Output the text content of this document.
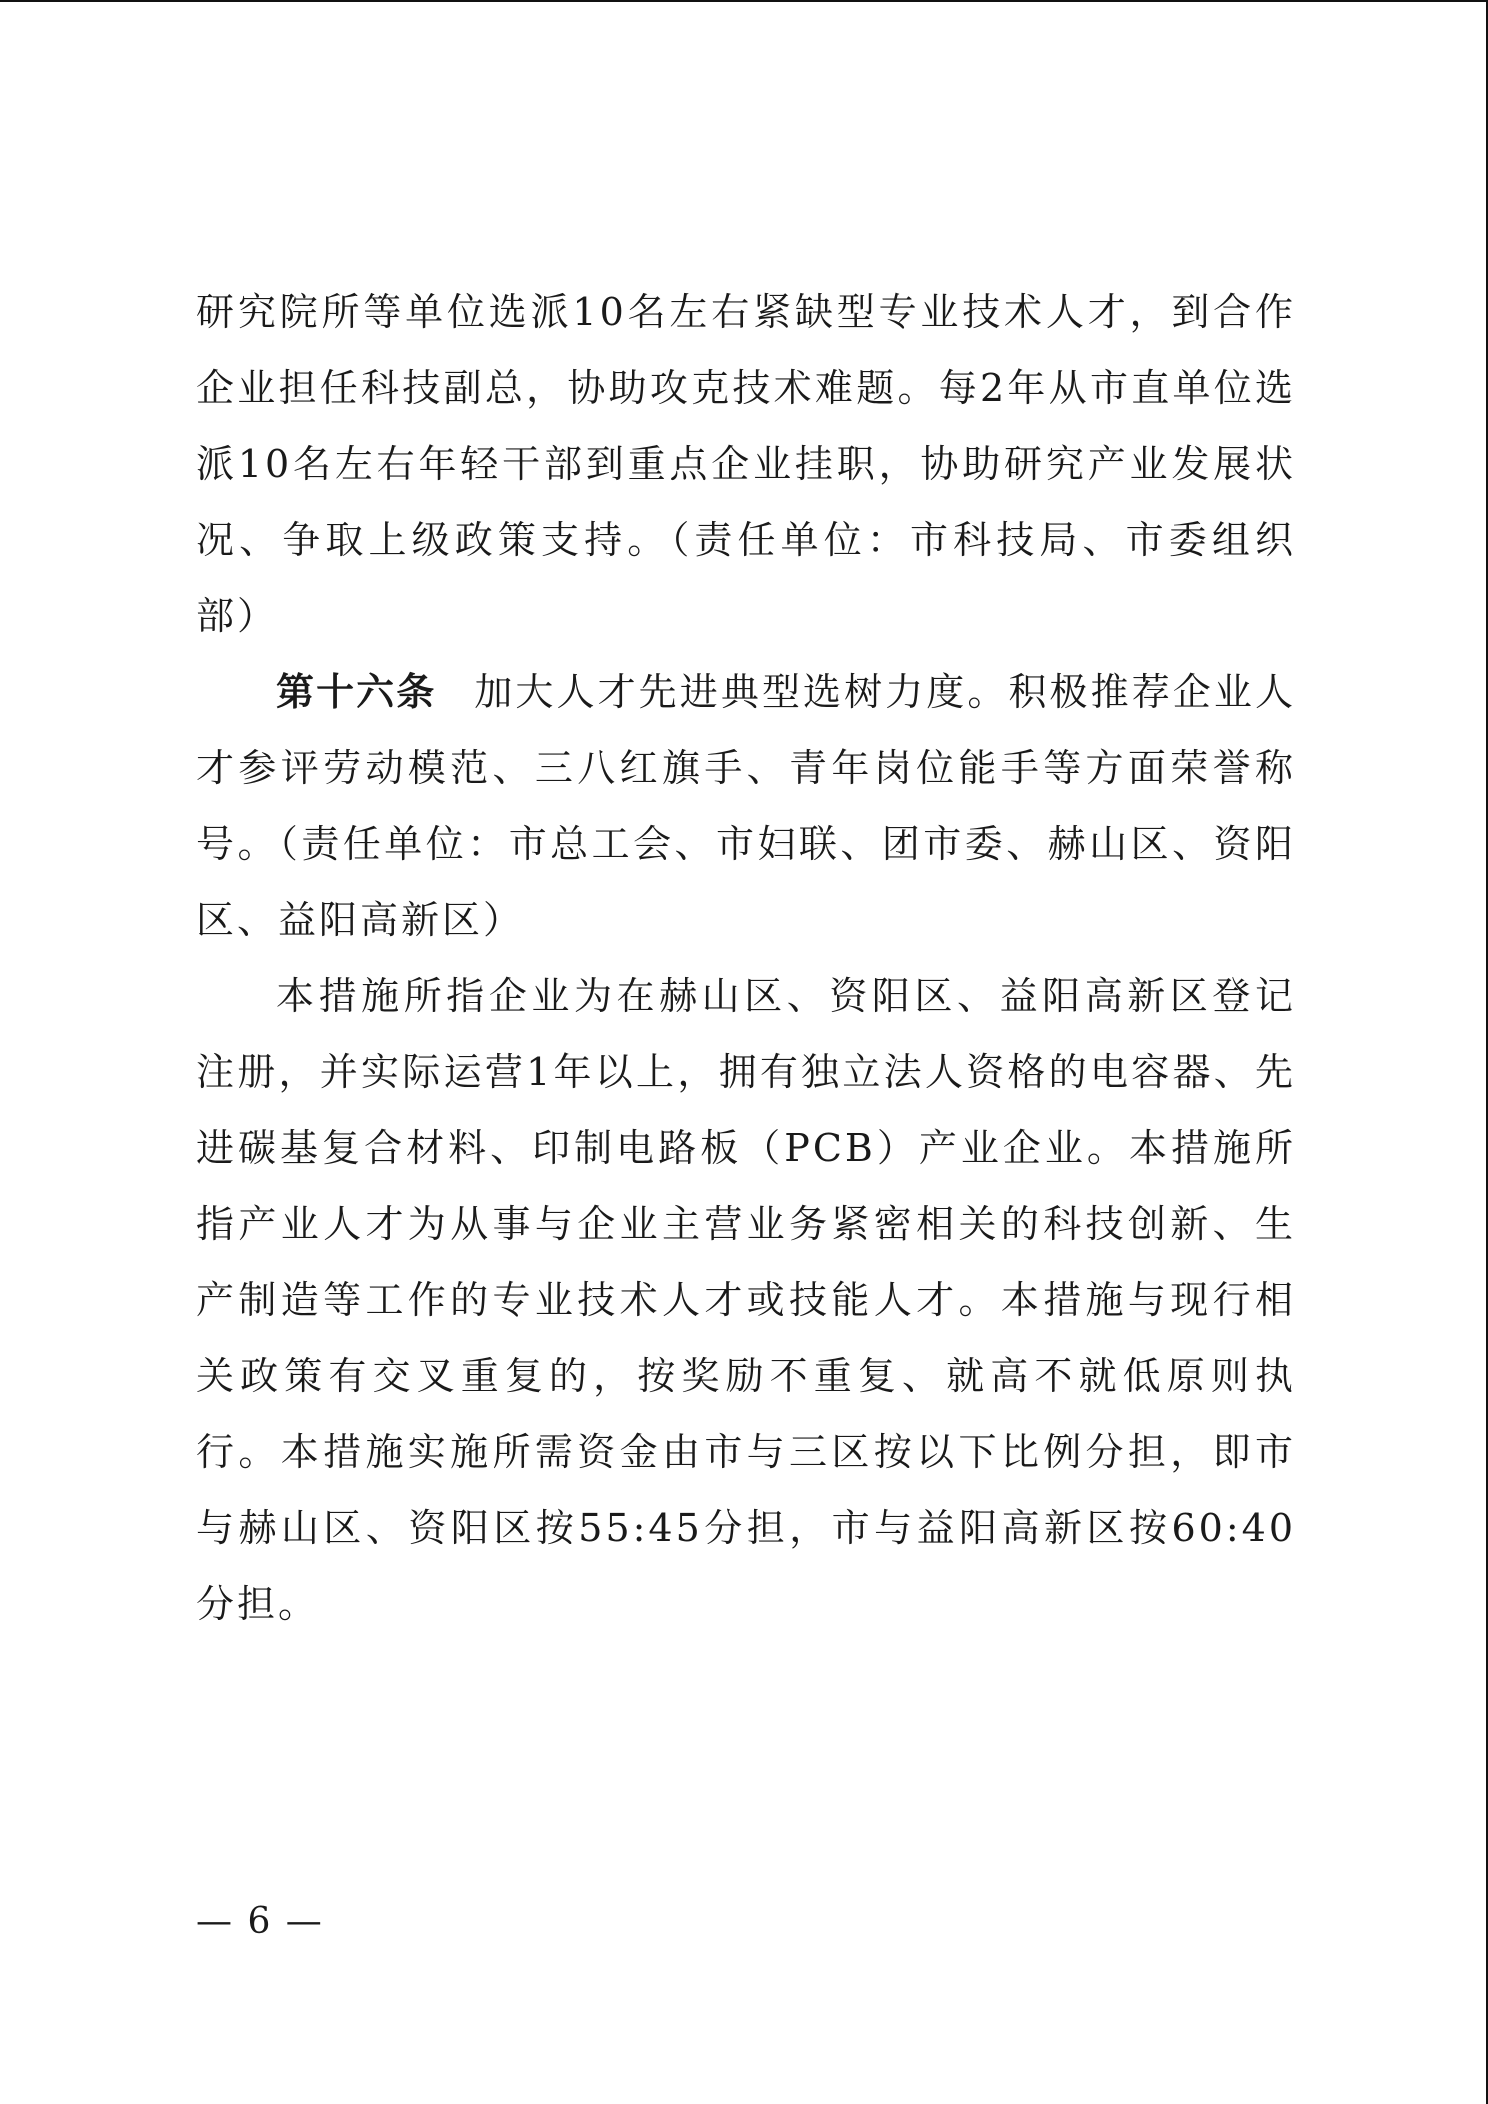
研究院所等单位选派10名左右紧缺型专业技术人才，到合作企业担任科技副总，协助攻克技术难题。每2年从市直单位选派10名左右年轻干部到重点企业挂职，协助研究产业发展状况、争取上级政策支持。（责任单位：市科技局、市委组织部）

第十六条 加大人才先进典型选树力度。积极推荐企业人才参评劳动模范、三八红旗手、青年岗位能手等方面荣誉称号。（责任单位：市总工会、市妇联、团市委、赫山区、资阳区、益阳高新区）

本措施所指企业为在赫山区、资阳区、益阳高新区登记注册，并实际运营1年以上，拥有独立法人资格的电容器、先进碳基复合材料、印制电路板（PCB）产业企业。本措施所指产业人才为从事与企业主营业务紧密相关的科技创新、生产制造等工作的专业技术人才或技能人才。本措施与现行相关政策有交叉重复的，按奖励不重复、就高不就低原则执行。本措施实施所需资金由市与三区按以下比例分担，即市与赫山区、资阳区按55:45分担，市与益阳高新区按60:40分担。

— 6 —
